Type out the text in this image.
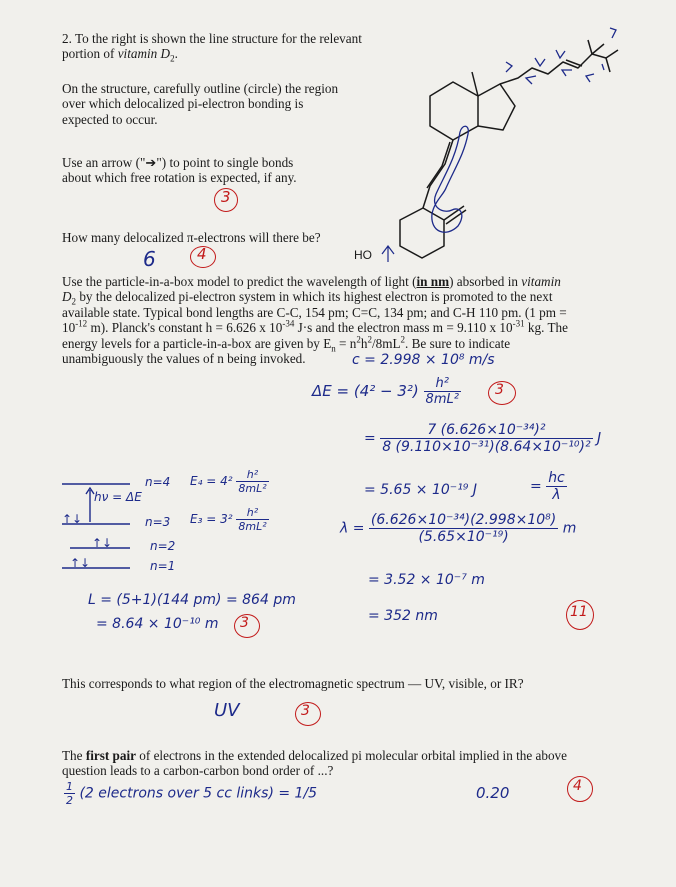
2. To the right is shown the line structure for the relevant portion of vitamin $D_2$.

On the structure, carefully outline (circle) the region over which delocalized pi-electron bonding is expected to occur.

Use an arrow ("➔") to point to single bonds about which free rotation is expected, if any.

How many delocalized π-electrons will there be?

HO
3
6	4
Use the particle-in-a-box model to predict the wavelength of light (in nm) absorbed in vitamin
$D_2$ by the delocalized pi-electron system in which its highest electron is promoted to the next
available state. Typical bond lengths are C-C, 154 pm; C=C, 134 pm; and C-H 110 pm. (1 pm =
$10^{-12}$ m). Planck's constant h = 6.626 x $10^{-34}$ J·s and the electron mass m = 9.110 x $10^{-31}$ kg. The
energy levels for a particle-in-a-box are given by $E_n = n^2h^2/8mL^2$. Be sure to indicate
unambiguously the values of n being invoked.	c = 2.998 × 10⁸ m/s
$\Delta E = (4^2 - 3^2) \frac{\text{h²}}{\text{8mL²}} 3$
= $\frac{\text{7 (6.626×10⁻³⁴)²}}{\text{8 (9.110×10⁻³¹)(8.64×10⁻¹⁰)²}}$ J
= 5.65 × 10⁻¹⁹ J	= $\frac{hc}{\lambda}$
$\lambda = \frac{\text{(6.626×10⁻³⁴)(2.998×10⁸)}}{\text{(5.65×10⁻¹⁹)}}$ m
= 3.52 × 10⁻⁷ m
= 352 nm	11
↑↓
↑↓
↑↓
n=4
n=3
n=2
n=1
hν = ΔE
$E_4 = 4^2 \frac{\text{h²}}{\text{8mL²}}$
$E_3 = 3^2 \frac{\text{h²}}{\text{8mL²}}$
L = (5+1)(144 pm) = 864 pm
= 8.64 × 10⁻¹⁰ m 3

This corresponds to what region of the electromagnetic spectrum — UV, visible, or IR?

UV	3
The first pair of electrons in the extended delocalized pi molecular orbital implied in the above
question leads to a carbon-carbon bond order of ...?
$\frac{1}{2} (2$ electrons over 5 cc links) = 1/5	0.20	4
